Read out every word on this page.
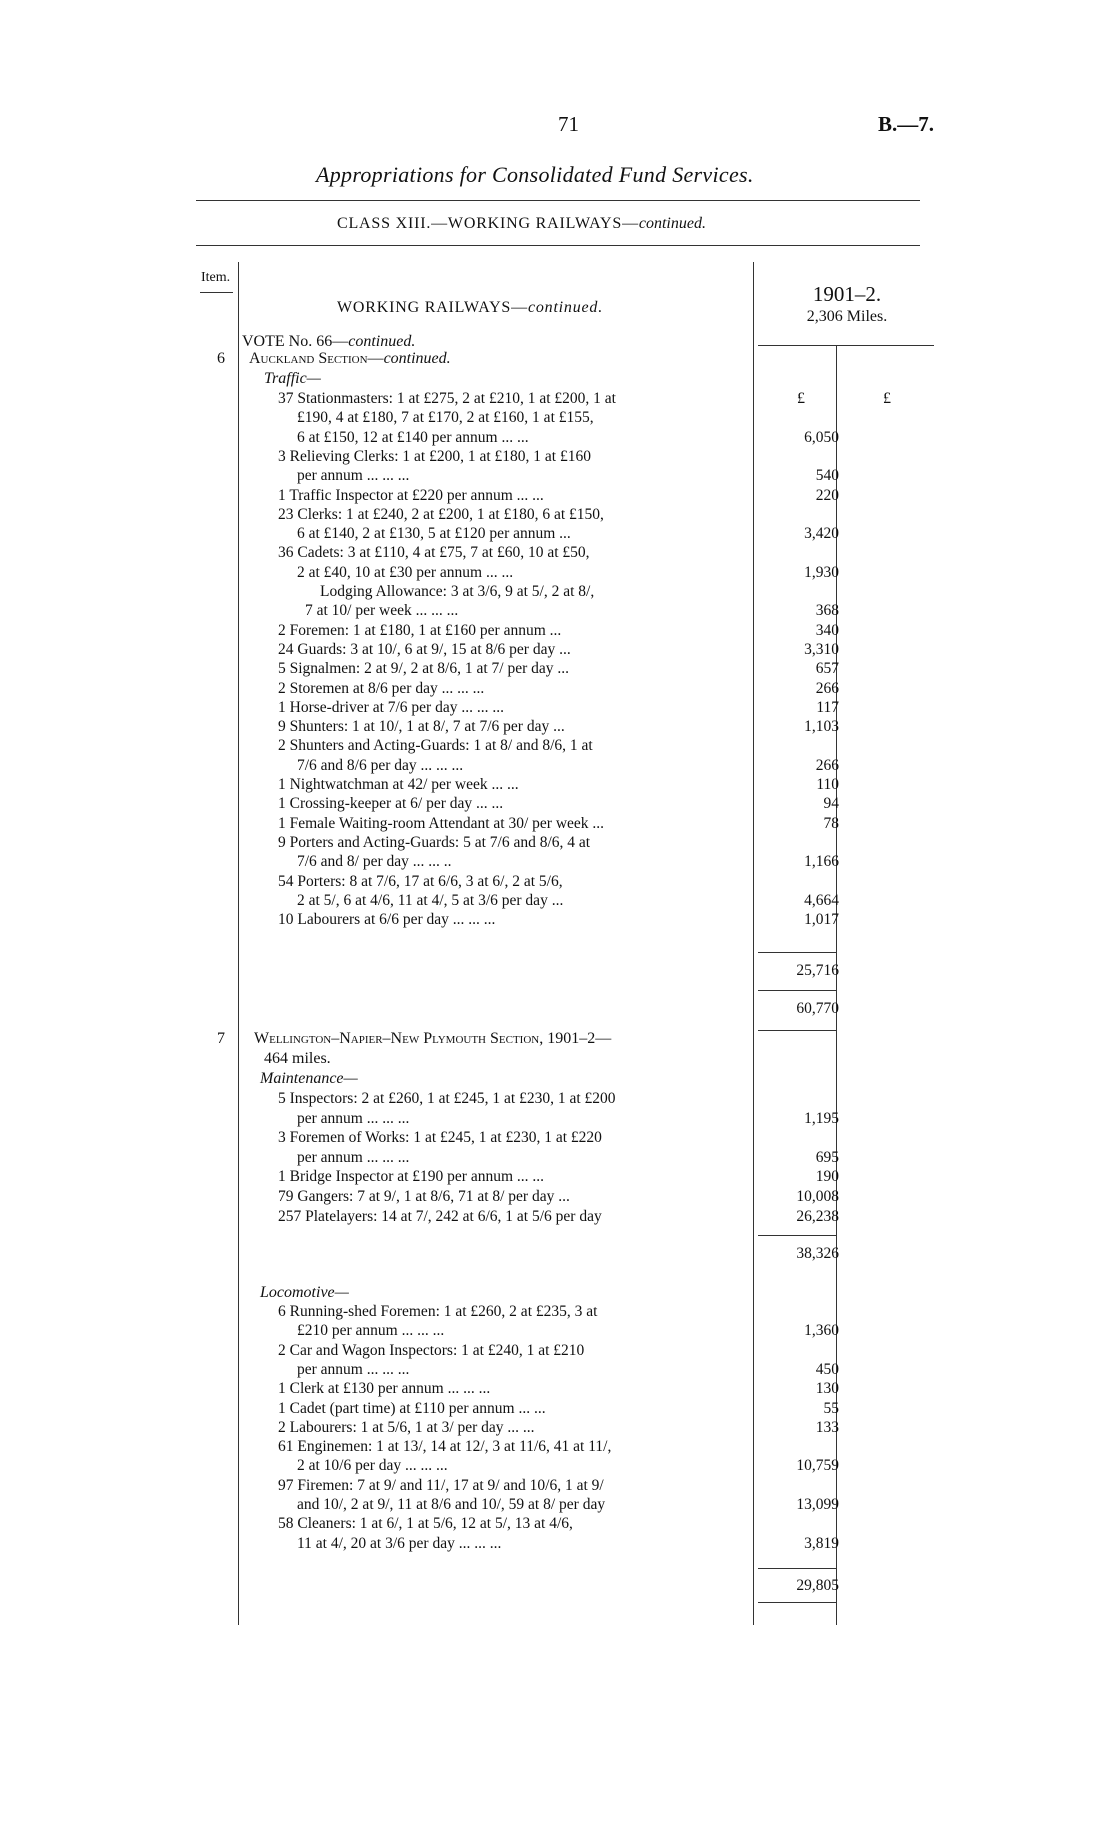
71	B.—7.
Appropriations for Consolidated Fund Services.
CLASS XIII.—WORKING RAILWAYS—continued.
Item.
WORKING RAILWAYS—continued.
1901–2.
2,306 Miles.
VOTE No. 66—continued.
6 Auckland Section—continued.
Traffic—
£	£
37 Stationmasters: 1 at £275, 2 at £210, 1 at £200, 1 at
£190, 4 at £180, 7 at £170, 2 at £160, 1 at £155,
6 at £150, 12 at £140 per annum ... ...	6,050
3 Relieving Clerks: 1 at £200, 1 at £180, 1 at £160
per annum ... ... ...	540
1 Traffic Inspector at £220 per annum ... ...	220
23 Clerks: 1 at £240, 2 at £200, 1 at £180, 6 at £150,
6 at £140, 2 at £130, 5 at £120 per annum ...	3,420
36 Cadets: 3 at £110, 4 at £75, 7 at £60, 10 at £50,
2 at £40, 10 at £30 per annum ... ...	1,930
Lodging Allowance: 3 at 3/6, 9 at 5/, 2 at 8/,
7 at 10/ per week ... ... ...	368
2 Foremen: 1 at £180, 1 at £160 per annum ...	340
24 Guards: 3 at 10/, 6 at 9/, 15 at 8/6 per day ...	3,310
5 Signalmen: 2 at 9/, 2 at 8/6, 1 at 7/ per day ...	657
2 Storemen at 8/6 per day ... ... ...	266
1 Horse-driver at 7/6 per day ... ... ...	117
9 Shunters: 1 at 10/, 1 at 8/, 7 at 7/6 per day ...	1,103
2 Shunters and Acting-Guards: 1 at 8/ and 8/6, 1 at
7/6 and 8/6 per day ... ... ...	266
1 Nightwatchman at 42/ per week ... ...	110
1 Crossing-keeper at 6/ per day ... ...	94
1 Female Waiting-room Attendant at 30/ per week ...	78
9 Porters and Acting-Guards: 5 at 7/6 and 8/6, 4 at
7/6 and 8/ per day ... ... ..	1,166
54 Porters: 8 at 7/6, 17 at 6/6, 3 at 6/, 2 at 5/6,
2 at 5/, 6 at 4/6, 11 at 4/, 5 at 3/6 per day ...	4,664
10 Labourers at 6/6 per day ... ... ...	1,017
25,716
60,770
7 Wellington–Napier–New Plymouth Section, 1901–2—
464 miles.
Maintenance—
5 Inspectors: 2 at £260, 1 at £245, 1 at £230, 1 at £200
per annum ... ... ...	1,195
3 Foremen of Works: 1 at £245, 1 at £230, 1 at £220
per annum ... ... ...	695
1 Bridge Inspector at £190 per annum ... ...	190
79 Gangers: 7 at 9/, 1 at 8/6, 71 at 8/ per day ...	10,008
257 Platelayers: 14 at 7/, 242 at 6/6, 1 at 5/6 per day	26,238
38,326
Locomotive—
6 Running-shed Foremen: 1 at £260, 2 at £235, 3 at
£210 per annum ... ... ...	1,360
2 Car and Wagon Inspectors: 1 at £240, 1 at £210
per annum ... ... ...	450
1 Clerk at £130 per annum ... ... ...	130
1 Cadet (part time) at £110 per annum ... ...	55
2 Labourers: 1 at 5/6, 1 at 3/ per day ... ...	133
61 Enginemen: 1 at 13/, 14 at 12/, 3 at 11/6, 41 at 11/,
2 at 10/6 per day ... ... ...	10,759
97 Firemen: 7 at 9/ and 11/, 17 at 9/ and 10/6, 1 at 9/
and 10/, 2 at 9/, 11 at 8/6 and 10/, 59 at 8/ per day	13,099
58 Cleaners: 1 at 6/, 1 at 5/6, 12 at 5/, 13 at 4/6,
11 at 4/, 20 at 3/6 per day ... ... ...	3,819
29,805
